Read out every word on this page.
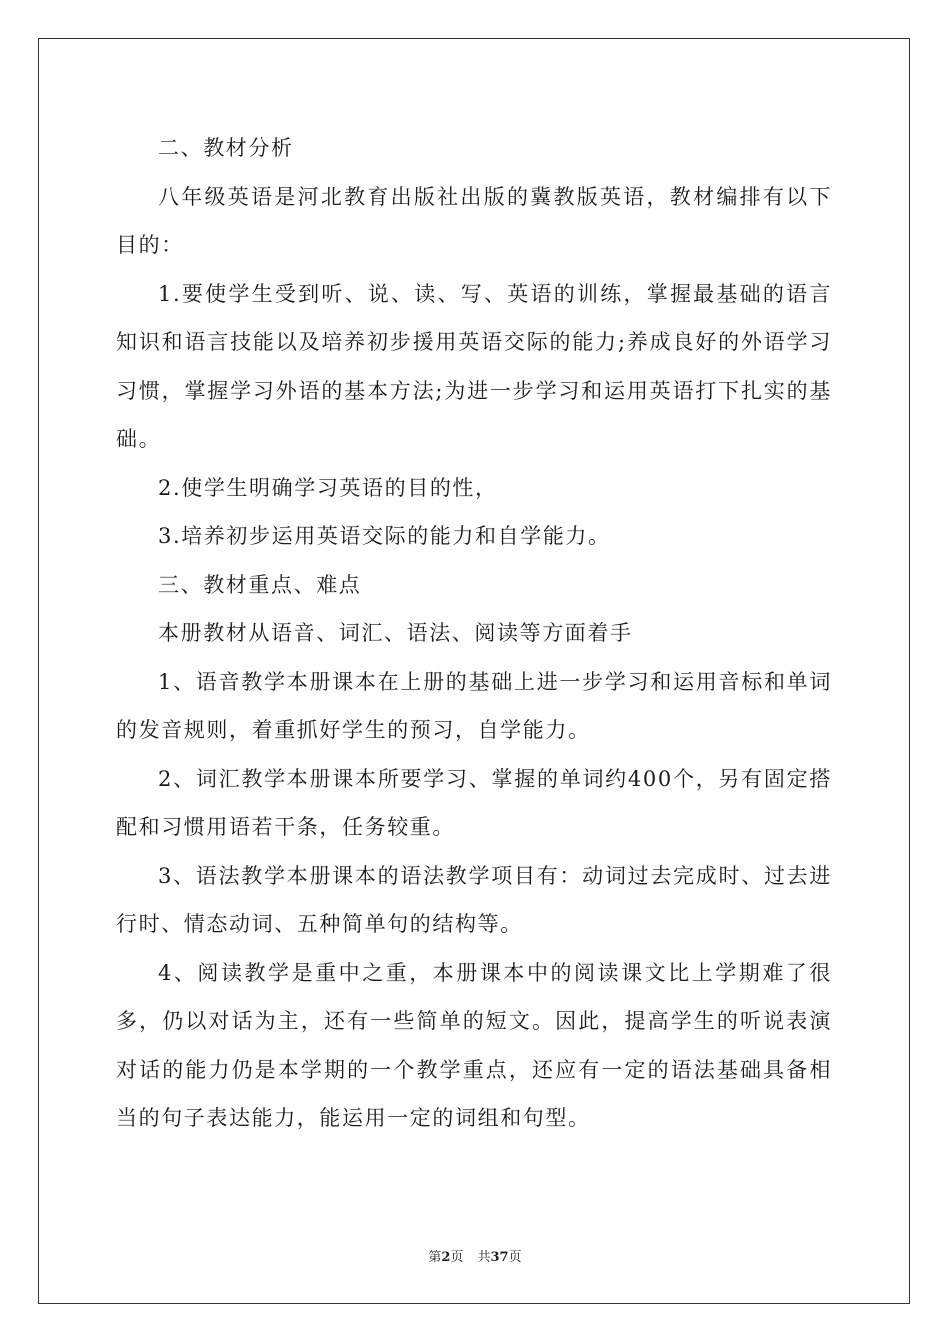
二、教材分析

八年级英语是河北教育出版社出版的冀教版英语，教材编排有以下目的：

1.要使学生受到听、说、读、写、英语的训练，掌握最基础的语言知识和语言技能以及培养初步援用英语交际的能力;养成良好的外语学习习惯，掌握学习外语的基本方法;为进一步学习和运用英语打下扎实的基础。

2.使学生明确学习英语的目的性，

3.培养初步运用英语交际的能力和自学能力。

三、教材重点、难点

本册教材从语音、词汇、语法、阅读等方面着手

1、语音教学本册课本在上册的基础上进一步学习和运用音标和单词的发音规则，着重抓好学生的预习，自学能力。

2、词汇教学本册课本所要学习、掌握的单词约400个，另有固定搭配和习惯用语若干条，任务较重。

3、语法教学本册课本的语法教学项目有：动词过去完成时、过去进行时、情态动词、五种简单句的结构等。

4、阅读教学是重中之重，本册课本中的阅读课文比上学期难了很多，仍以对话为主，还有一些简单的短文。因此，提高学生的听说表演对话的能力仍是本学期的一个教学重点，还应有一定的语法基础具备相当的句子表达能力，能运用一定的词组和句型。

第2页 共37页
